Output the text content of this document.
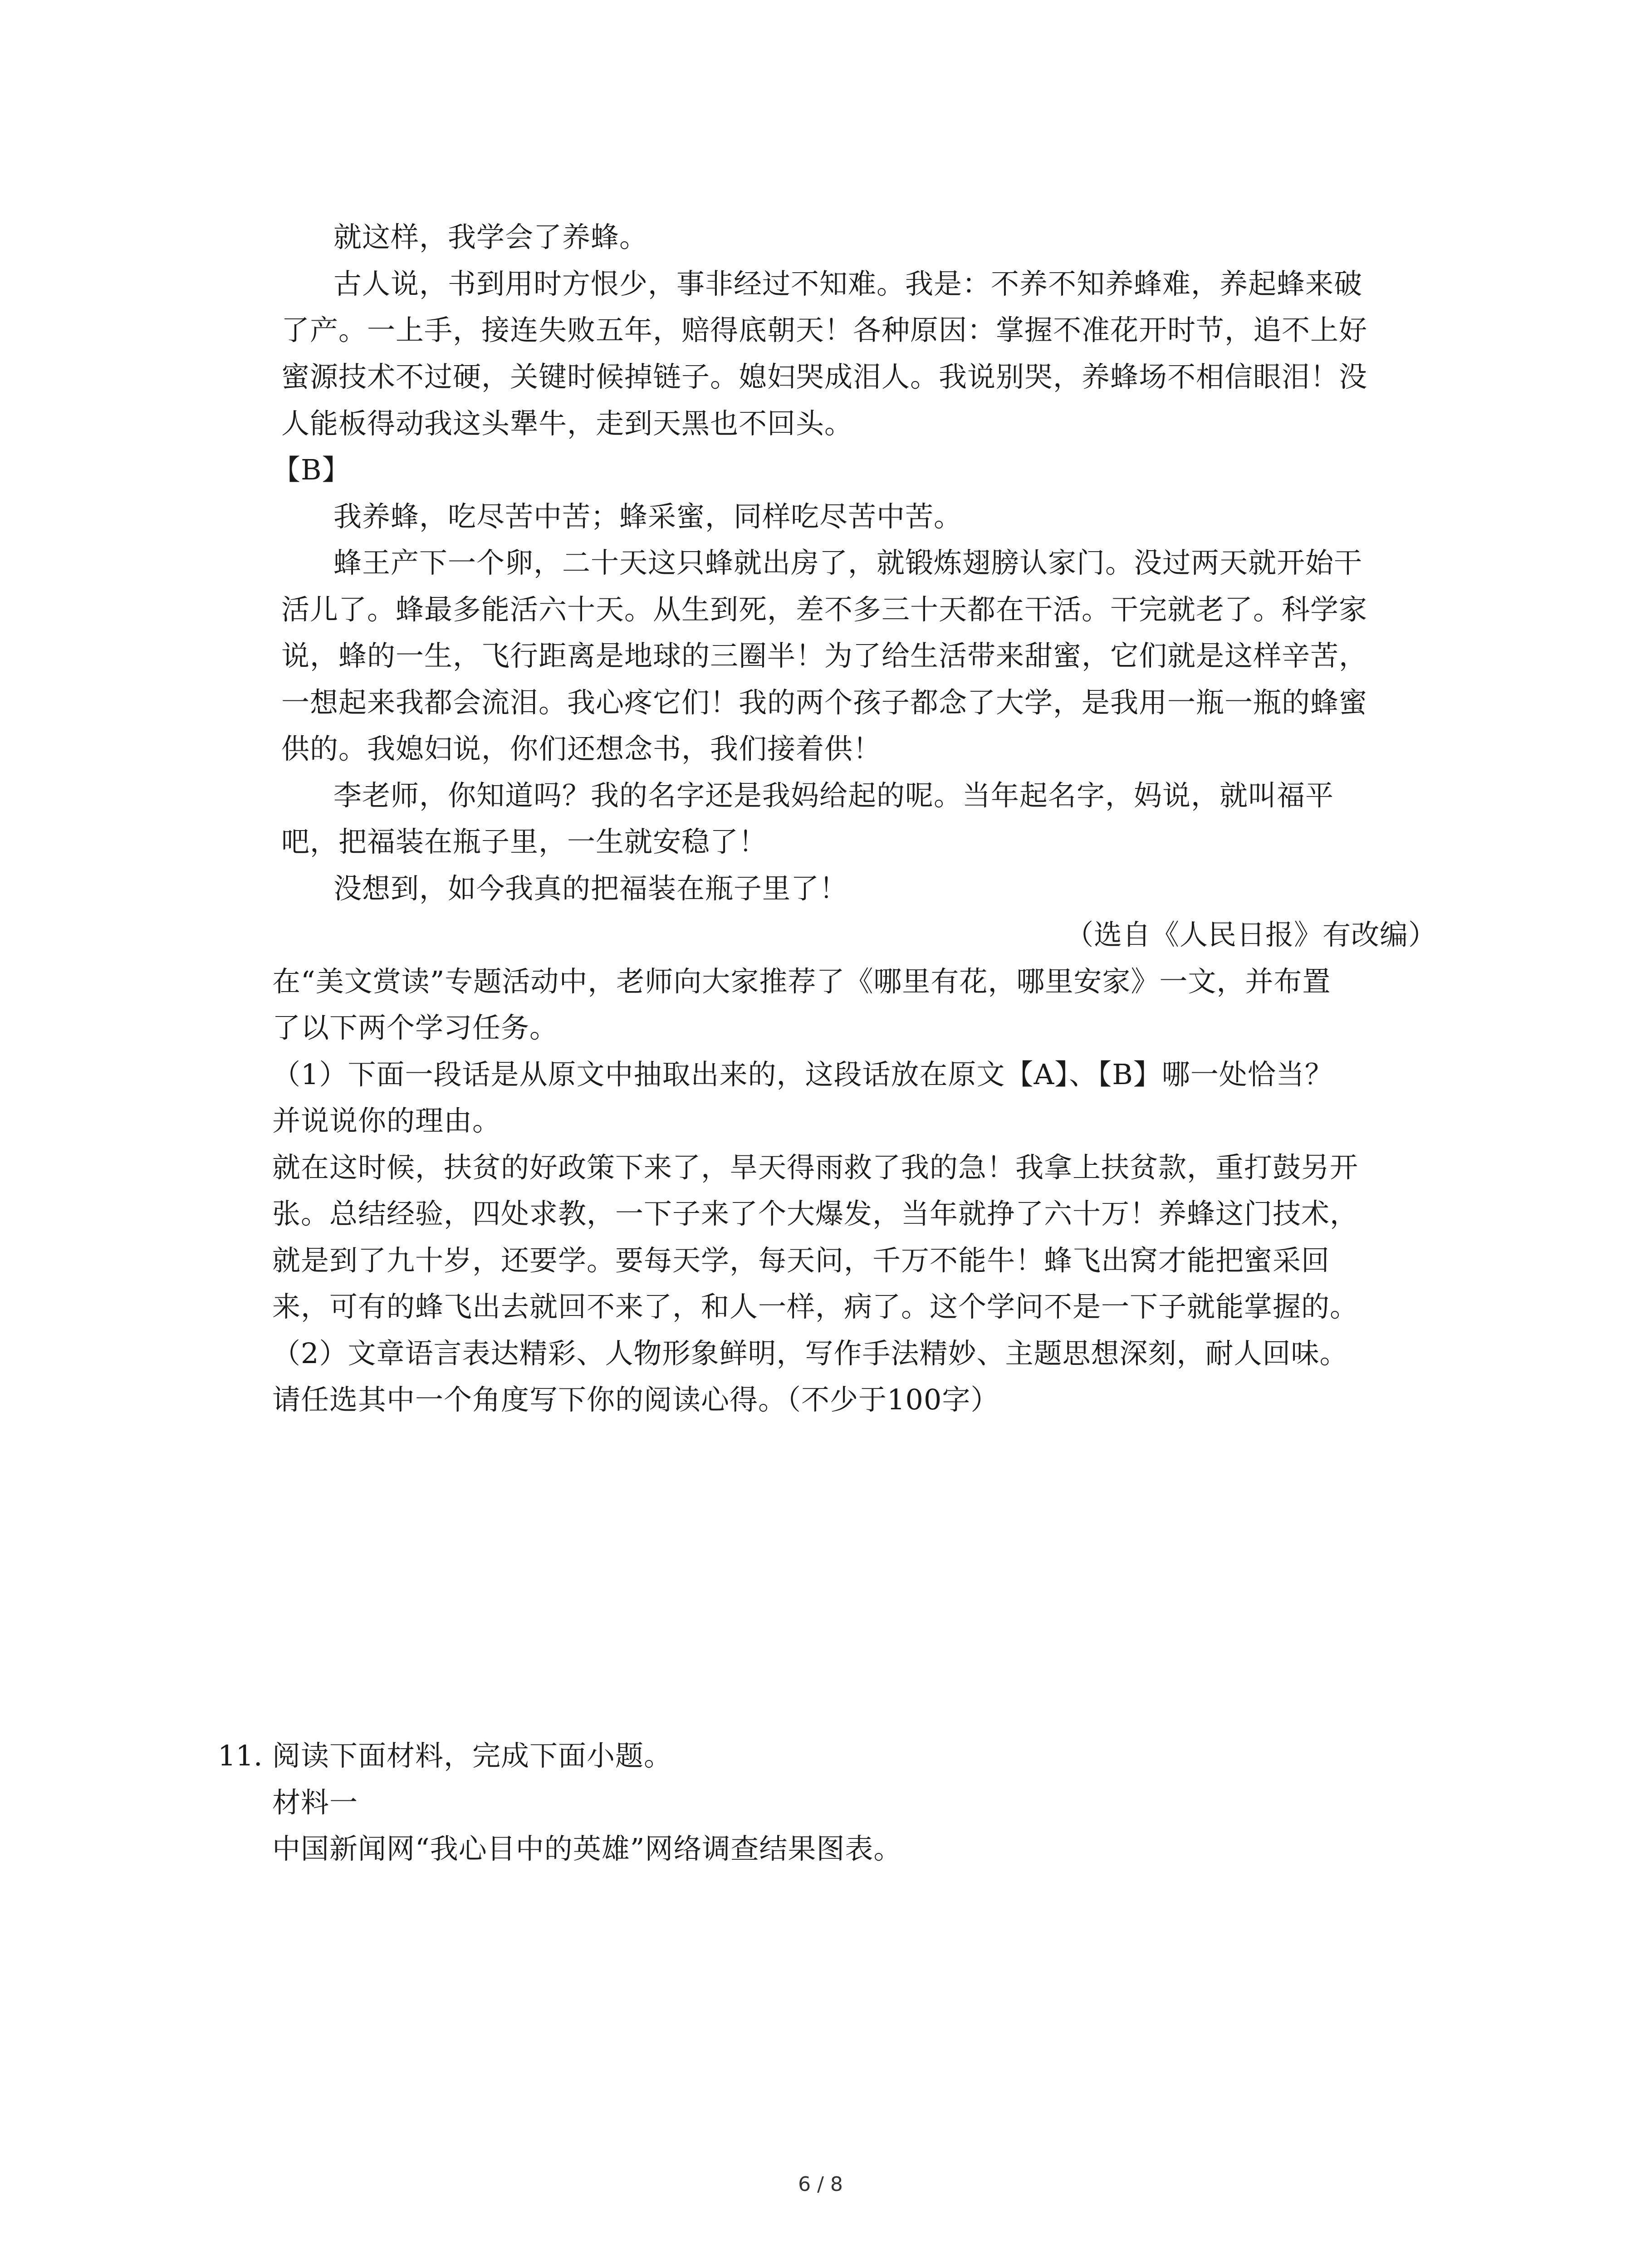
就这样，我学会了养蜂。
古人说，书到用时方恨少，事非经过不知难。我是：不养不知养蜂难，养起蜂来破
了产。一上手，接连失败五年，赔得底朝天！各种原因：掌握不准花开时节，追不上好
蜜源技术不过硬，关键时候掉链子。媳妇哭成泪人。我说别哭，养蜂场不相信眼泪！没
人能板得动我这头犟牛，走到天黑也不回头。
【B】
我养蜂，吃尽苦中苦；蜂采蜜，同样吃尽苦中苦。
蜂王产下一个卵，二十天这只蜂就出房了，就锻炼翅膀认家门。没过两天就开始干
活儿了。蜂最多能活六十天。从生到死，差不多三十天都在干活。干完就老了。科学家
说，蜂的一生，飞行距离是地球的三圈半！为了给生活带来甜蜜，它们就是这样辛苦，
一想起来我都会流泪。我心疼它们！我的两个孩子都念了大学，是我用一瓶一瓶的蜂蜜
供的。我媳妇说，你们还想念书，我们接着供！
李老师，你知道吗？我的名字还是我妈给起的呢。当年起名字，妈说，就叫福平
吧，把福装在瓶子里，一生就安稳了！
没想到，如今我真的把福装在瓶子里了！
（选自《人民日报》有改编）
在“美文赏读”专题活动中，老师向大家推荐了《哪里有花，哪里安家》一文，并布置
了以下两个学习任务。
（1）下面一段话是从原文中抽取出来的，这段话放在原文【A】、【B】哪一处恰当？
并说说你的理由。
就在这时候，扶贫的好政策下来了，旱天得雨救了我的急！我拿上扶贫款，重打鼓另开
张。总结经验，四处求教，一下子来了个大爆发，当年就挣了六十万！养蜂这门技术，
就是到了九十岁，还要学。要每天学，每天问，千万不能牛！蜂飞出窝才能把蜜采回
来，可有的蜂飞出去就回不来了，和人一样，病了。这个学问不是一下子就能掌握的。
（2）文章语言表达精彩、人物形象鲜明，写作手法精妙、主题思想深刻，耐人回味。
请任选其中一个角度写下你的阅读心得。（不少于100字）
11. 阅读下面材料，完成下面小题。
材料一
中国新闻网“我心目中的英雄”网络调查结果图表。
6 / 8
